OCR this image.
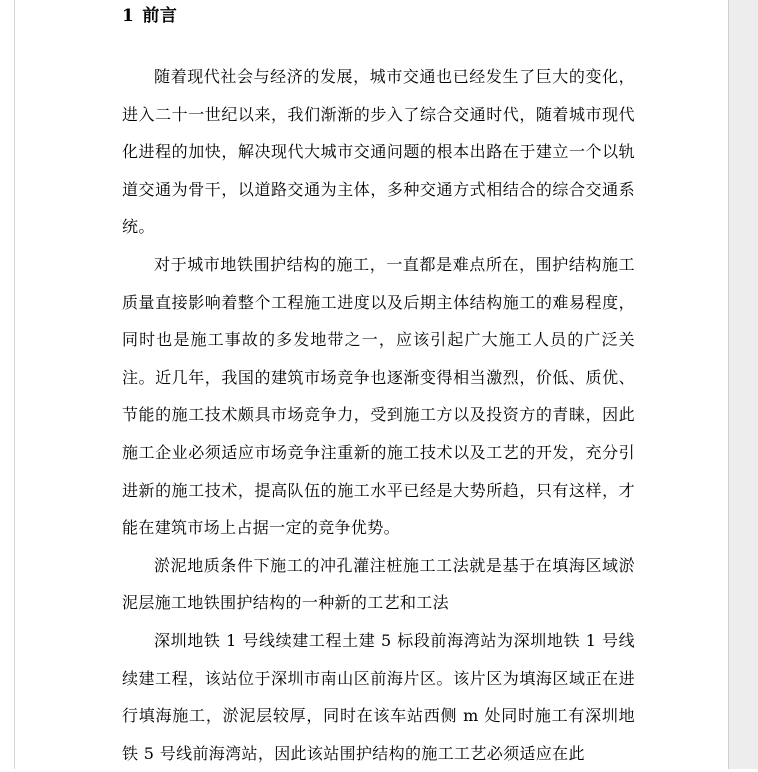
1 前言

随着现代社会与经济的发展，城市交通也已经发生了巨大的变化，进入二十一世纪以来，我们渐渐的步入了综合交通时代，随着城市现代化进程的加快，解决现代大城市交通问题的根本出路在于建立一个以轨道交通为骨干，以道路交通为主体，多种交通方式相结合的综合交通系统。

对于城市地铁围护结构的施工，一直都是难点所在，围护结构施工质量直接影响着整个工程施工进度以及后期主体结构施工的难易程度，同时也是施工事故的多发地带之一，应该引起广大施工人员的广泛关注。近几年，我国的建筑市场竞争也逐渐变得相当激烈，价低、质优、节能的施工技术颇具市场竞争力，受到施工方以及投资方的青睐，因此施工企业必须适应市场竞争注重新的施工技术以及工艺的开发，充分引进新的施工技术，提高队伍的施工水平已经是大势所趋，只有这样，才能在建筑市场上占据一定的竞争优势。

淤泥地质条件下施工的冲孔灌注桩施工工法就是基于在填海区域淤泥层施工地铁围护结构的一种新的工艺和工法

深圳地铁 1 号线续建工程土建 5 标段前海湾站为深圳地铁 1 号线续建工程，该站位于深圳市南山区前海片区。该片区为填海区域正在进行填海施工，淤泥层较厚，同时在该车站西侧 m 处同时施工有深圳地铁 5 号线前海湾站，因此该站围护结构的施工工艺必须适应在此
